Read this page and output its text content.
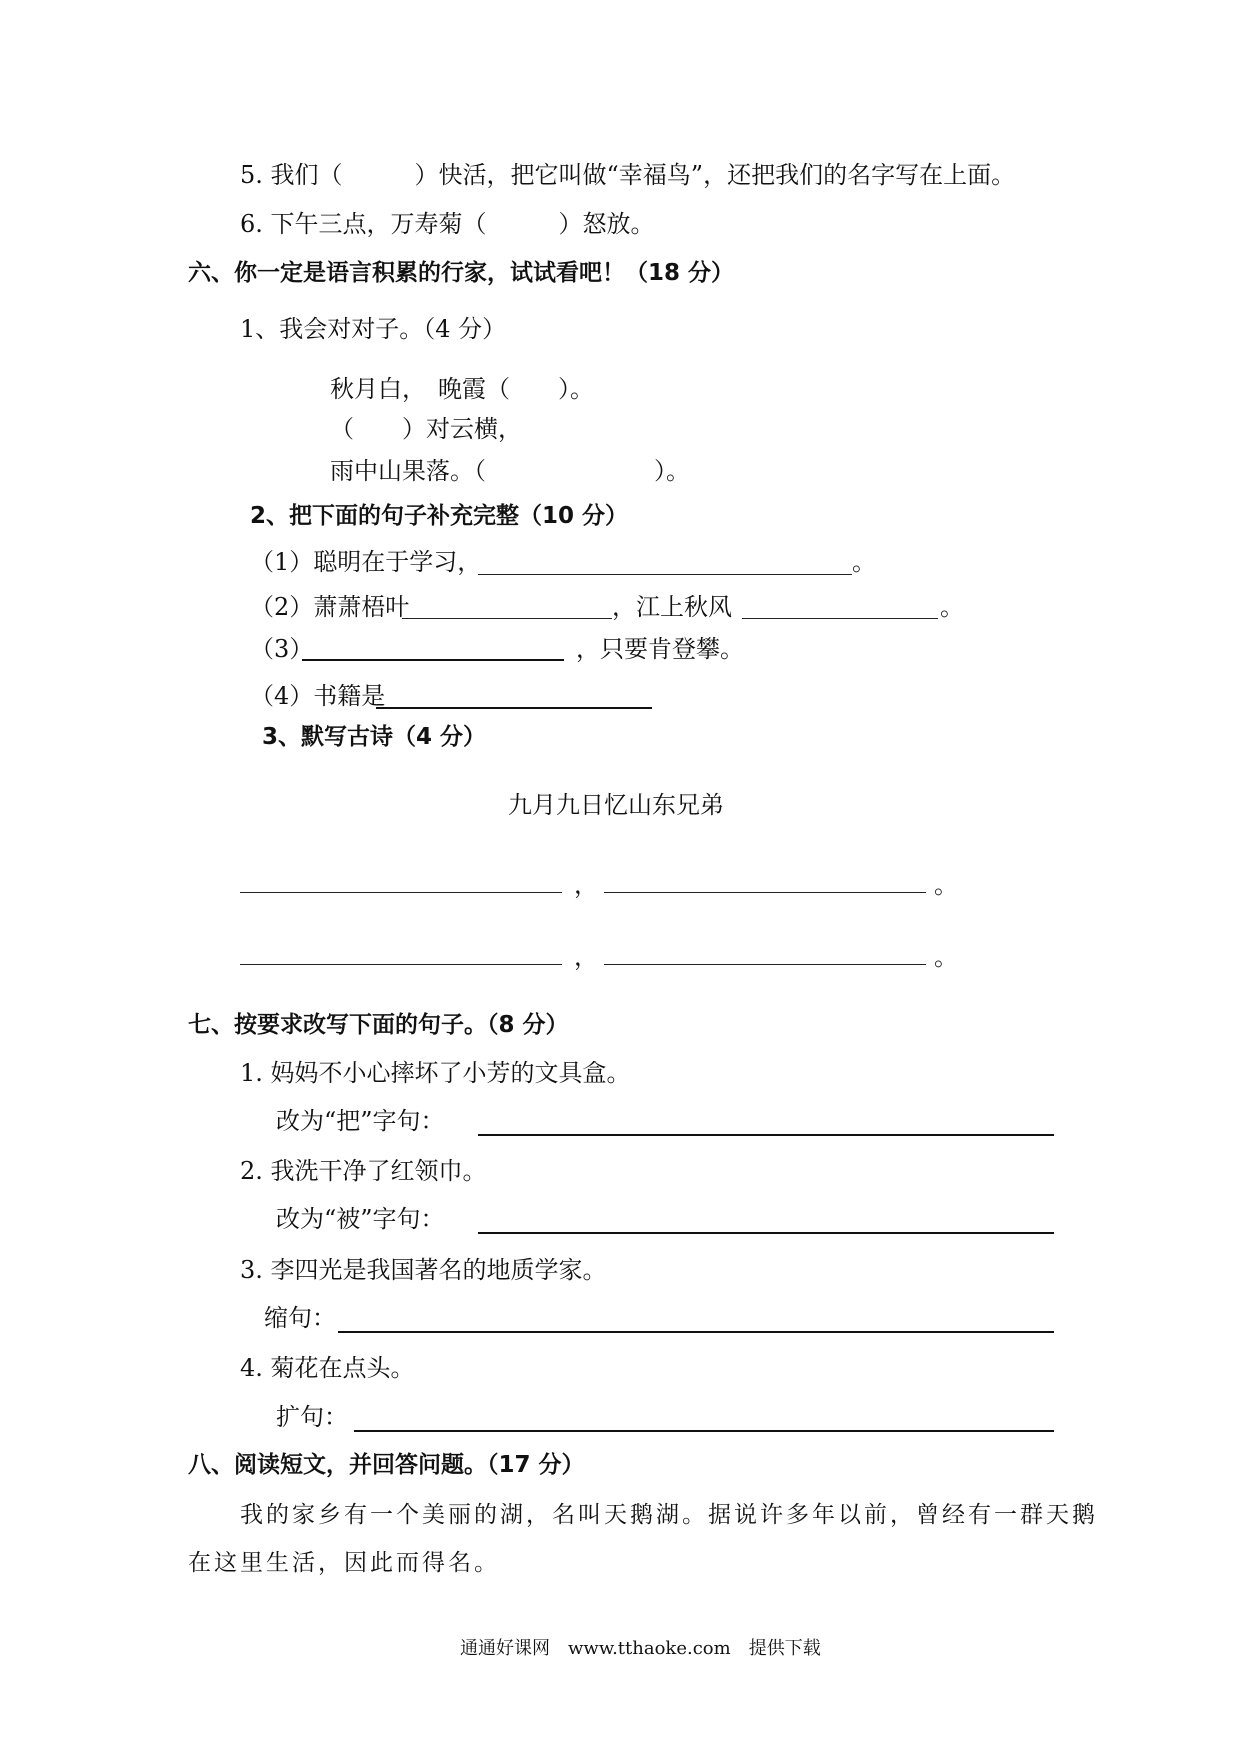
5. 我们（　　　）快活，把它叫做“幸福鸟”，还把我们的名字写在上面。
6. 下午三点，万寿菊（　　　）怒放。
六、你一定是语言积累的行家，试试看吧！（18 分）
1、我会对对子。（4 分）
秋月白，　晚霞（　　）。
（　　）对云横，
雨中山果落。（　　　　　　　）。
2、把下面的句子补充完整（10 分）
（1）聪明在于学习，	。
（2）萧萧梧叶	，江上秋风	。
（3）	，只要肯登攀。
（4）书籍是
3、默写古诗（4 分）
九月九日忆山东兄弟
，	。
，	。
七、按要求改写下面的句子。（8 分）
1. 妈妈不小心摔坏了小芳的文具盒。
改为“把”字句：
2. 我洗干净了红领巾。
改为“被”字句：
3. 李四光是我国著名的地质学家。
缩句：
4. 菊花在点头。
扩句：
八、阅读短文，并回答问题。（17 分）
我的家乡有一个美丽的湖，名叫天鹅湖。据说许多年以前，曾经有一群天鹅
在这里生活，因此而得名。
通通好课网　www.tthaoke.com　提供下载
